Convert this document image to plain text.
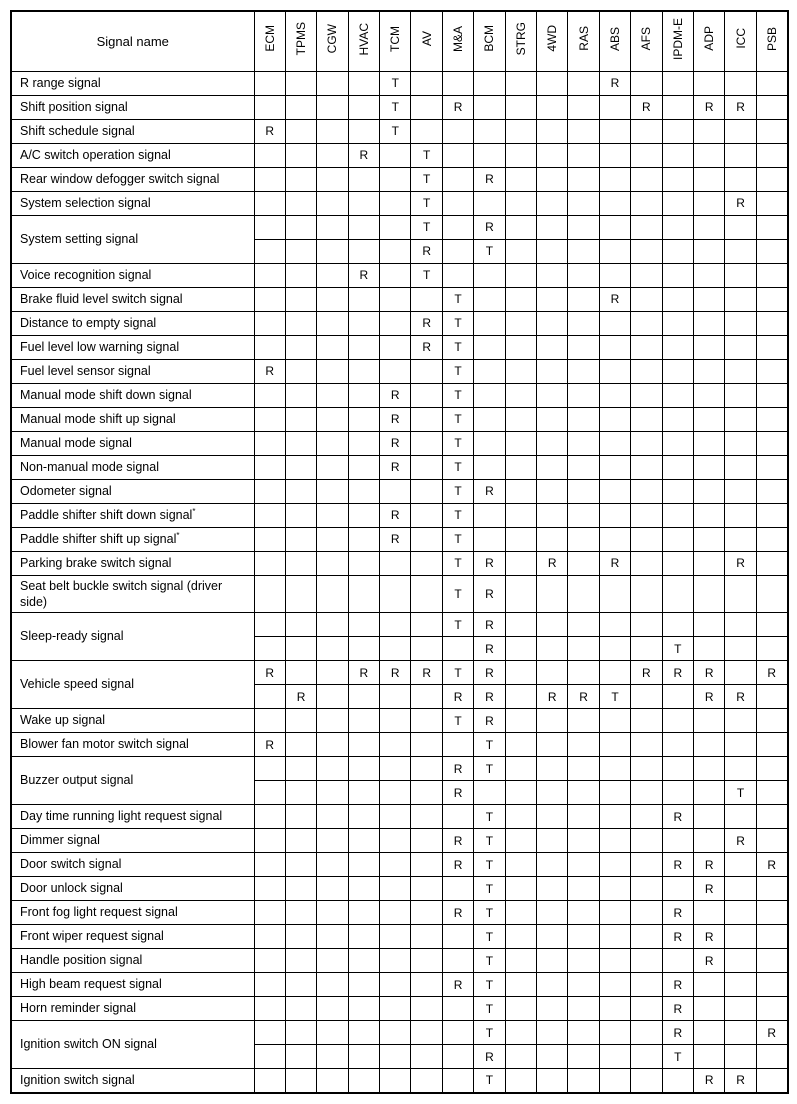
Signal name	ECM	TPMS	CGW	HVAC	TCM	AV	M&A	BCM	STRG	4WD	RAS	ABS	AFS	IPDM-E	ADP	ICC	PSB
R range signal					T							R					
Shift position signal					T		R						R		R	R	
Shift schedule signal	R				T												
A/C switch operation signal				R		T											
Rear window defogger switch signal						T		R									
System selection signal						T										R	
System setting signal						T		R									
						R		T									
Voice recognition signal				R		T											
Brake fluid level switch signal							T					R					
Distance to empty signal						R	T										
Fuel level low warning signal						R	T										
Fuel level sensor signal	R						T										
Manual mode shift down signal					R		T										
Manual mode shift up signal					R		T										
Manual mode signal					R		T										
Non-manual mode signal					R		T										
Odometer signal							T	R									
Paddle shifter shift down signal*					R		T										
Paddle shifter shift up signal*					R		T										
Parking brake switch signal							T	R		R		R				R	
Seat belt buckle switch signal (driver side)							T	R									
Sleep-ready signal							T	R									
								R						T			
Vehicle speed signal	R			R	R	R	T	R					R	R	R		R
		R					R	R		R	R	T			R	R	
Wake up signal							T	R									
Blower fan motor switch signal	R							T									
Buzzer output signal							R	T									
							R									T	
Day time running light request signal								T						R			
Dimmer signal							R	T								R	
Door switch signal							R	T						R	R		R
Door unlock signal								T							R		
Front fog light request signal							R	T						R			
Front wiper request signal								T						R	R		
Handle position signal								T							R		
High beam request signal							R	T						R			
Horn reminder signal								T						R			
Ignition switch ON signal								T						R			R
								R						T			
Ignition switch signal								T							R	R	
